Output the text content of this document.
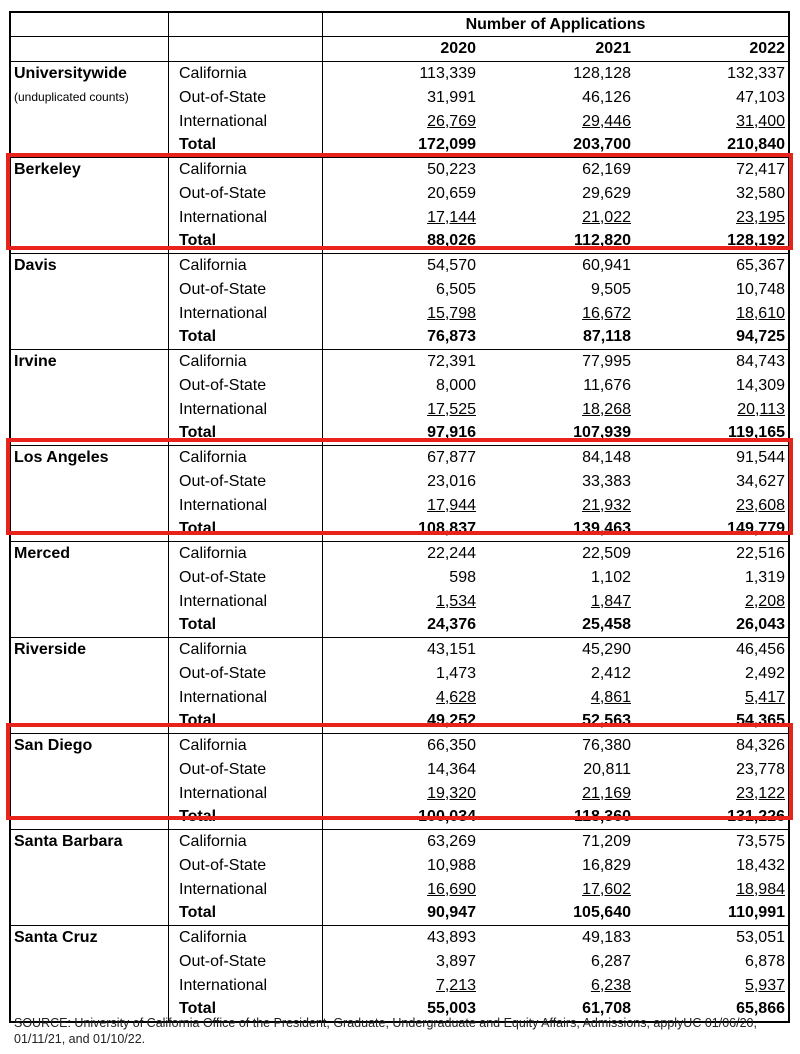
Number of Applications
2020	2021	2022
Universitywide	California	113,339	128,128	132,337
(unduplicated counts)	Out-of-State	31,991	46,126	47,103
International	26,769	29,446	31,400
Total	172,099	203,700	210,840
Berkeley	California	50,223	62,169	72,417
Out-of-State	20,659	29,629	32,580
International	17,144	21,022	23,195
Total	88,026	112,820	128,192
Davis	California	54,570	60,941	65,367
Out-of-State	6,505	9,505	10,748
International	15,798	16,672	18,610
Total	76,873	87,118	94,725
Irvine	California	72,391	77,995	84,743
Out-of-State	8,000	11,676	14,309
International	17,525	18,268	20,113
Total	97,916	107,939	119,165
Los Angeles	California	67,877	84,148	91,544
Out-of-State	23,016	33,383	34,627
International	17,944	21,932	23,608
Total	108,837	139,463	149,779
Merced	California	22,244	22,509	22,516
Out-of-State	598	1,102	1,319
International	1,534	1,847	2,208
Total	24,376	25,458	26,043
Riverside	California	43,151	45,290	46,456
Out-of-State	1,473	2,412	2,492
International	4,628	4,861	5,417
Total	49,252	52,563	54,365
San Diego	California	66,350	76,380	84,326
Out-of-State	14,364	20,811	23,778
International	19,320	21,169	23,122
Total	100,034	118,360	131,226
Santa Barbara	California	63,269	71,209	73,575
Out-of-State	10,988	16,829	18,432
International	16,690	17,602	18,984
Total	90,947	105,640	110,991
Santa Cruz	California	43,893	49,183	53,051
Out-of-State	3,897	6,287	6,878
International	7,213	6,238	5,937
Total	55,003	61,708	65,866
SOURCE: University of California Office of the President, Graduate, Undergraduate and Equity Affairs, Admissions, applyUC 01/06/20, 01/11/21, and 01/10/22.
